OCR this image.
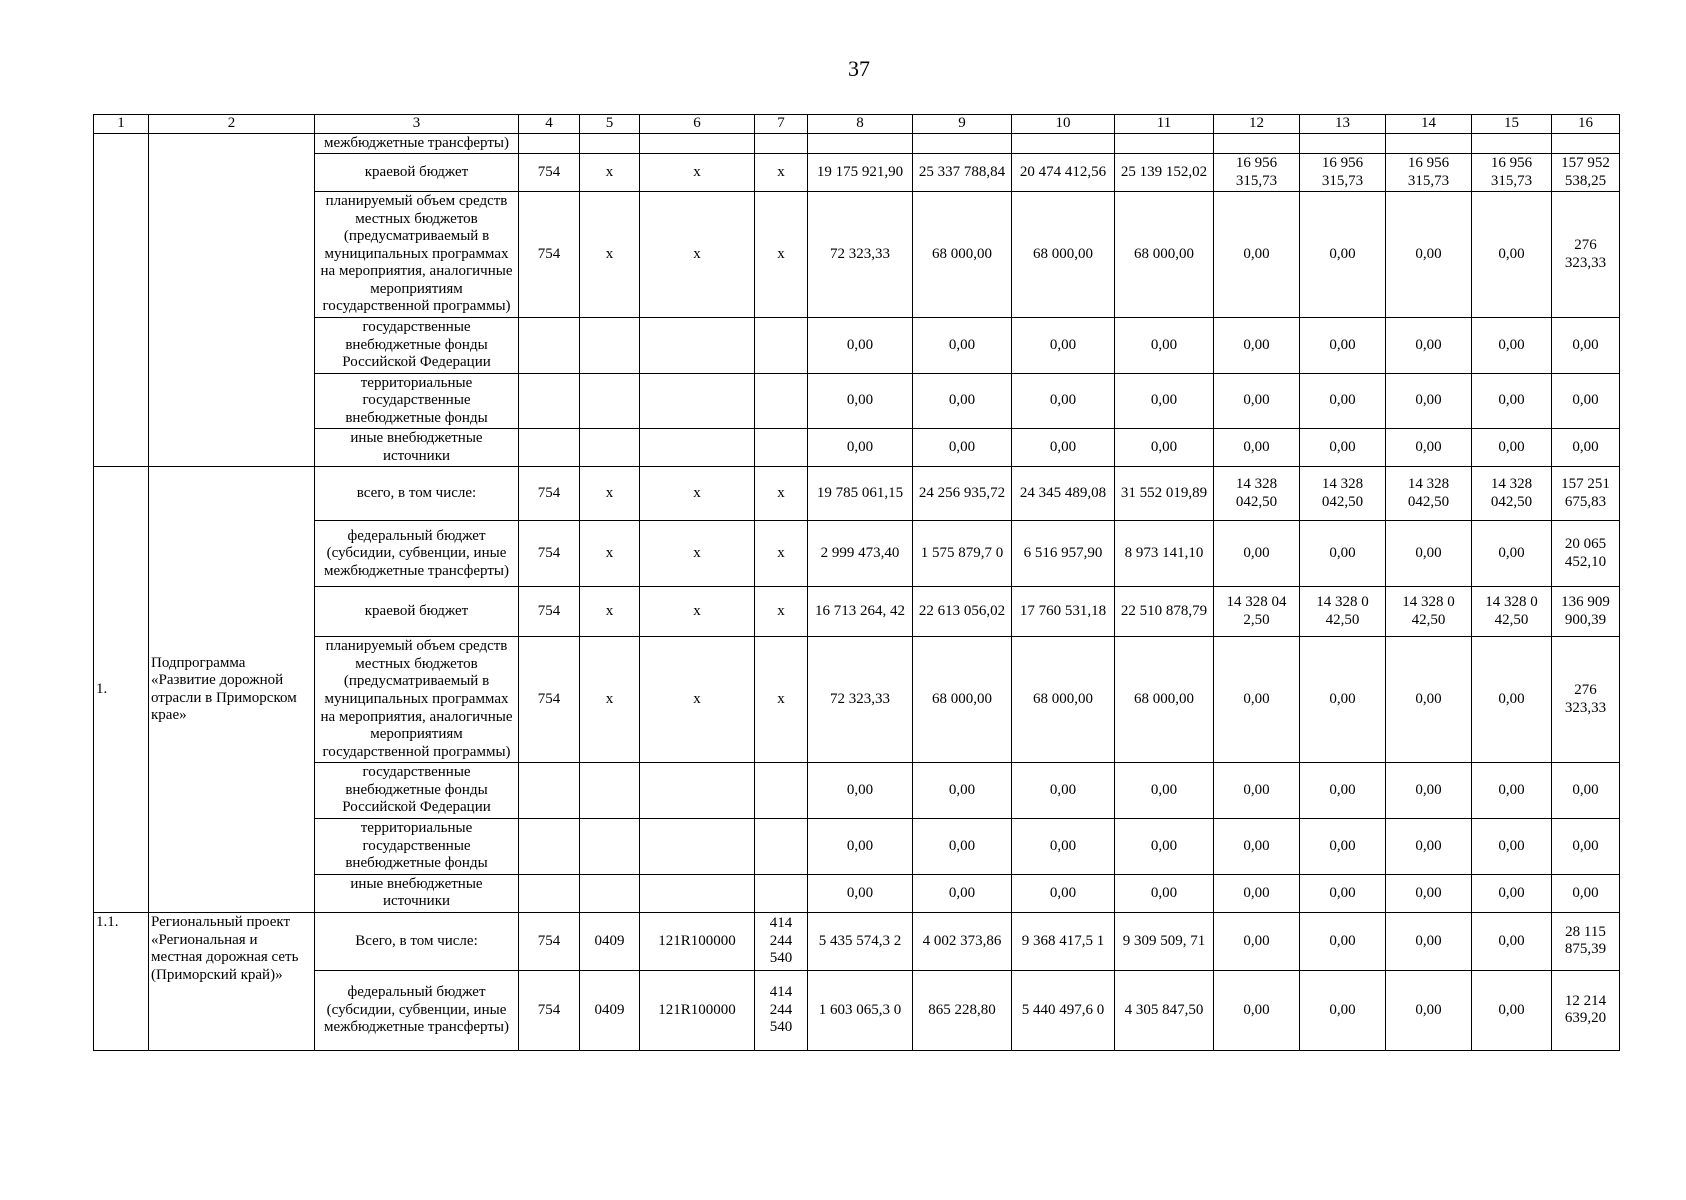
37
1	2	3	4	5	6	7	8	9	10	11	12	13	14	15	16
		межбюджетные трансферты)													
		краевой бюджет	754	x	x	x	19 175 921,90	25 337 788,84	20 474 412,56	25 139 152,02	16 956 315,73	16 956 315,73	16 956 315,73	16 956 315,73	157 952 538,25
		планируемый объем средств местных бюджетов (предусматриваемый в муниципальных программах на мероприятия, аналогичные мероприятиям государственной программы)	754	x	x	x	72 323,33	68 000,00	68 000,00	68 000,00	0,00	0,00	0,00	0,00	276 323,33
		государственные внебюджетные фонды Российской Федерации					0,00	0,00	0,00	0,00	0,00	0,00	0,00	0,00	0,00
		территориальные государственные внебюджетные фонды					0,00	0,00	0,00	0,00	0,00	0,00	0,00	0,00	0,00
		иные внебюджетные источники					0,00	0,00	0,00	0,00	0,00	0,00	0,00	0,00	0,00
1.	Подпрограмма «Развитие дорожной отрасли в Приморском крае»	всего, в том числе:	754	x	x	x	19 785 061,15	24 256 935,72	24 345 489,08	31 552 019,89	14 328 042,50	14 328 042,50	14 328 042,50	14 328 042,50	157 251 675,83
		федеральный бюджет (субсидии, субвенции, иные межбюджетные трансферты)	754	x	x	x	2 999 473,40	1 575 879,7 0	6 516 957,90	8 973 141,10	0,00	0,00	0,00	0,00	20 065 452,10
		краевой бюджет	754	x	x	x	16 713 264, 42	22 613 056,02	17 760 531,18	22 510 878,79	14 328 04 2,50	14 328 0 42,50	14 328 0 42,50	14 328 0 42,50	136 909 900,39
		планируемый объем средств местных бюджетов (предусматриваемый в муниципальных программах на мероприятия, аналогичные мероприятиям государственной программы)	754	x	x	x	72 323,33	68 000,00	68 000,00	68 000,00	0,00	0,00	0,00	0,00	276 323,33
		государственные внебюджетные фонды Российской Федерации					0,00	0,00	0,00	0,00	0,00	0,00	0,00	0,00	0,00
		территориальные государственные внебюджетные фонды					0,00	0,00	0,00	0,00	0,00	0,00	0,00	0,00	0,00
		иные внебюджетные источники					0,00	0,00	0,00	0,00	0,00	0,00	0,00	0,00	0,00
1.1.	Региональный проект «Региональная и местная дорожная сеть (Приморский край)»	Всего, в том числе:	754	0409	121R100000	414 244 540	5 435 574,3 2	4 002 373,86	9 368 417,5 1	9 309 509, 71	0,00	0,00	0,00	0,00	28 115 875,39
		федеральный бюджет (субсидии, субвенции, иные межбюджетные трансферты)	754	0409	121R100000	414 244 540	1 603 065,3 0	865 228,80	5 440 497,6 0	4 305 847,50	0,00	0,00	0,00	0,00	12 214 639,20
